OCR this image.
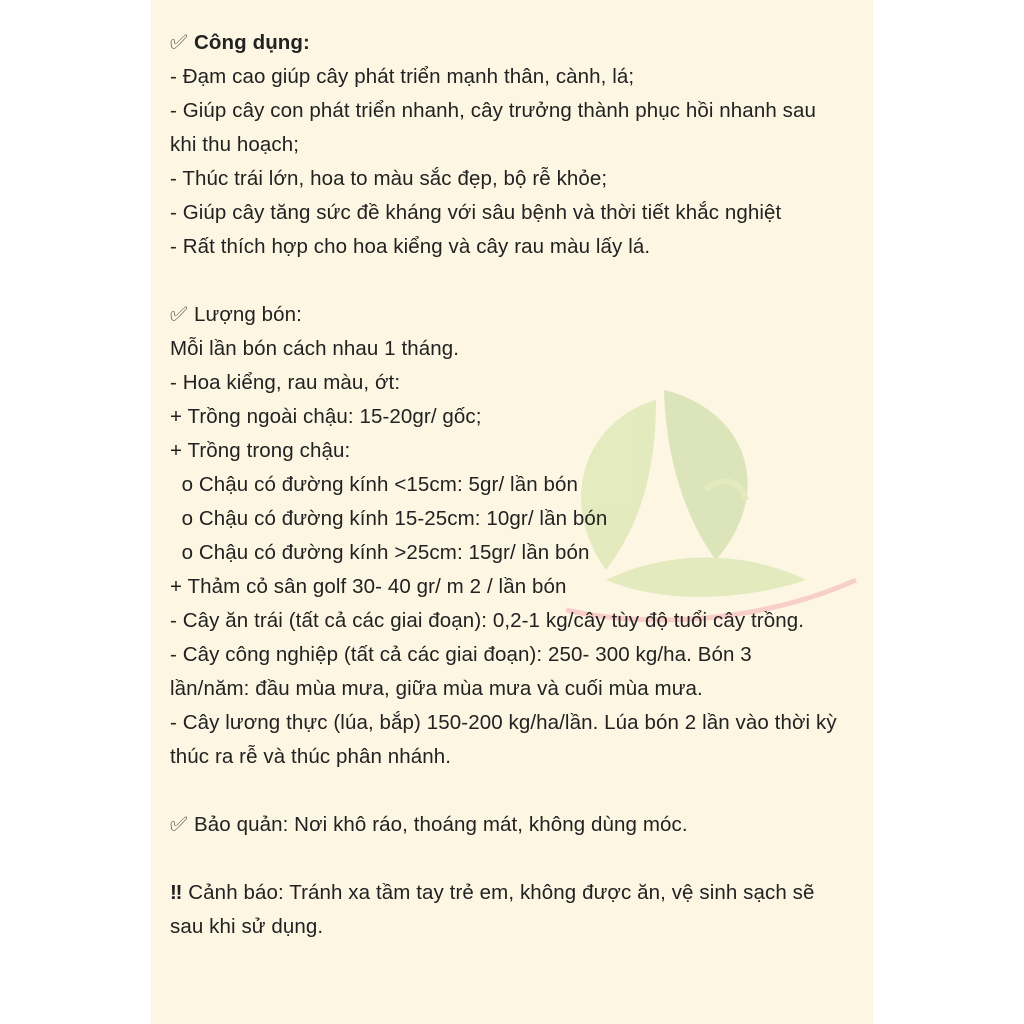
✅︎ Công dụng:
- Đạm cao giúp cây phát triển mạnh thân, cành, lá;
- Giúp cây con phát triển nhanh, cây trưởng thành phục hồi nhanh sau
khi thu hoạch;
- Thúc trái lớn, hoa to màu sắc đẹp, bộ rễ khỏe;
- Giúp cây tăng sức đề kháng với sâu bệnh và thời tiết khắc nghiệt
- Rất thích hợp cho hoa kiểng và cây rau màu lấy lá.
✅︎ Lượng bón:
Mỗi lần bón cách nhau 1 tháng.
- Hoa kiểng, rau màu, ớt:
+ Trồng ngoài chậu: 15-20gr/ gốc;
+ Trồng trong chậu:
o Chậu có đường kính <15cm: 5gr/ lần bón
o Chậu có đường kính 15-25cm: 10gr/ lần bón
o Chậu có đường kính >25cm: 15gr/ lần bón
+ Thảm cỏ sân golf 30- 40 gr/ m 2 / lần bón
- Cây ăn trái (tất cả các giai đoạn): 0,2-1 kg/cây tùy độ tuổi cây trồng.
- Cây công nghiệp (tất cả các giai đoạn): 250- 300 kg/ha. Bón 3
lần/năm: đầu mùa mưa, giữa mùa mưa và cuối mùa mưa.
- Cây lương thực (lúa, bắp) 150-200 kg/ha/lần. Lúa bón 2 lần vào thời kỳ
thúc ra rễ và thúc phân nhánh.
✅︎ Bảo quản: Nơi khô ráo, thoáng mát, không dùng móc.
‼ Cảnh báo: Tránh xa tầm tay trẻ em, không được ăn, vệ sinh sạch sẽ
sau khi sử dụng.
